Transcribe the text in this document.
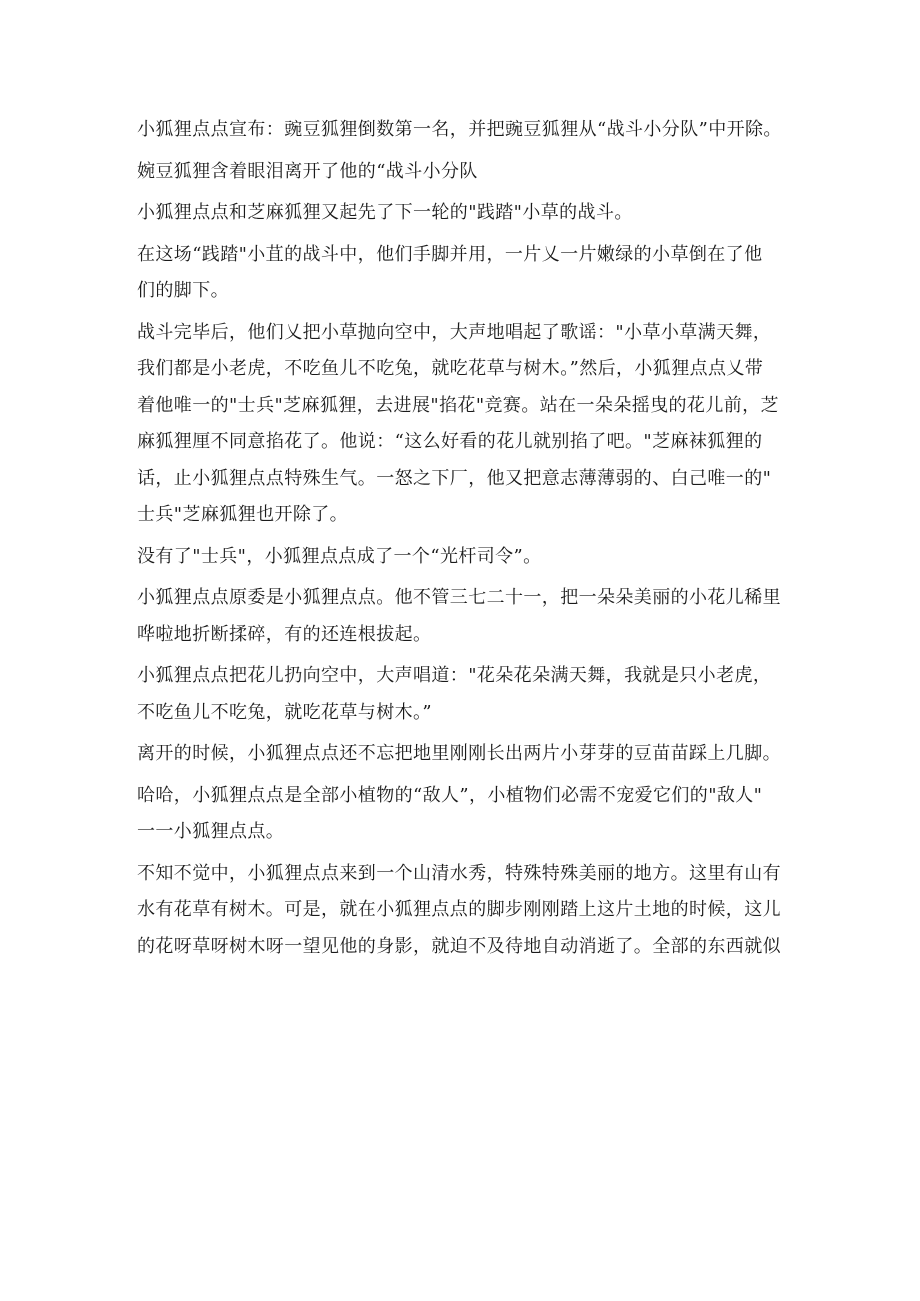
小狐狸点点宣布：豌豆狐狸倒数第一名，并把豌豆狐狸从“战斗小分队”中开除。
婉豆狐狸含着眼泪离开了他的“战斗小分队
小狐狸点点和芝麻狐狸又起先了下一轮的"践踏"小草的战斗。
在这场“践踏"小苴的战斗中，他们手脚并用，一片乂一片嫩绿的小草倒在了他
们的脚下。
战斗完毕后，他们乂把小草抛向空中，大声地唱起了歌谣："小草小草满天舞，
我们都是小老虎，不吃鱼儿不吃兔，就吃花草与树木。”然后，小狐狸点点乂带
着他唯一的"士兵"芝麻狐狸，去进展"掐花"竞赛。站在一朵朵摇曳的花儿前，芝
麻狐狸厘不同意掐花了。他说：“这么好看的花儿就别掐了吧。"芝麻袜狐狸的
话，止小狐狸点点特殊生气。一怒之下厂，他又把意志薄薄弱的、白己唯一的"
士兵"芝麻狐狸也开除了。
没有了"士兵"，小狐狸点点成了一个“光杆司令”。
小狐狸点点原委是小狐狸点点。他不管三七二十一，把一朵朵美丽的小花儿稀里
哗啦地折断揉碎，有的还连根拔起。
小狐狸点点把花儿扔向空中，大声唱道："花朵花朵满天舞，我就是只小老虎，
不吃鱼儿不吃兔，就吃花草与树木。”
离开的时候，小狐狸点点还不忘把地里刚刚长出两片小芽芽的豆苗苗踩上几脚。
哈哈，小狐狸点点是全部小植物的“敌人”，小植物们必需不宠爱它们的"敌人"
一一小狐狸点点。
不知不觉中，小狐狸点点来到一个山清水秀，特殊特殊美丽的地方。这里有山有
水有花草有树木。可是，就在小狐狸点点的脚步刚刚踏上这片土地的时候，这儿
的花呀草呀树木呀一望见他的身影，就迫不及待地自动消逝了。全部的东西就似
